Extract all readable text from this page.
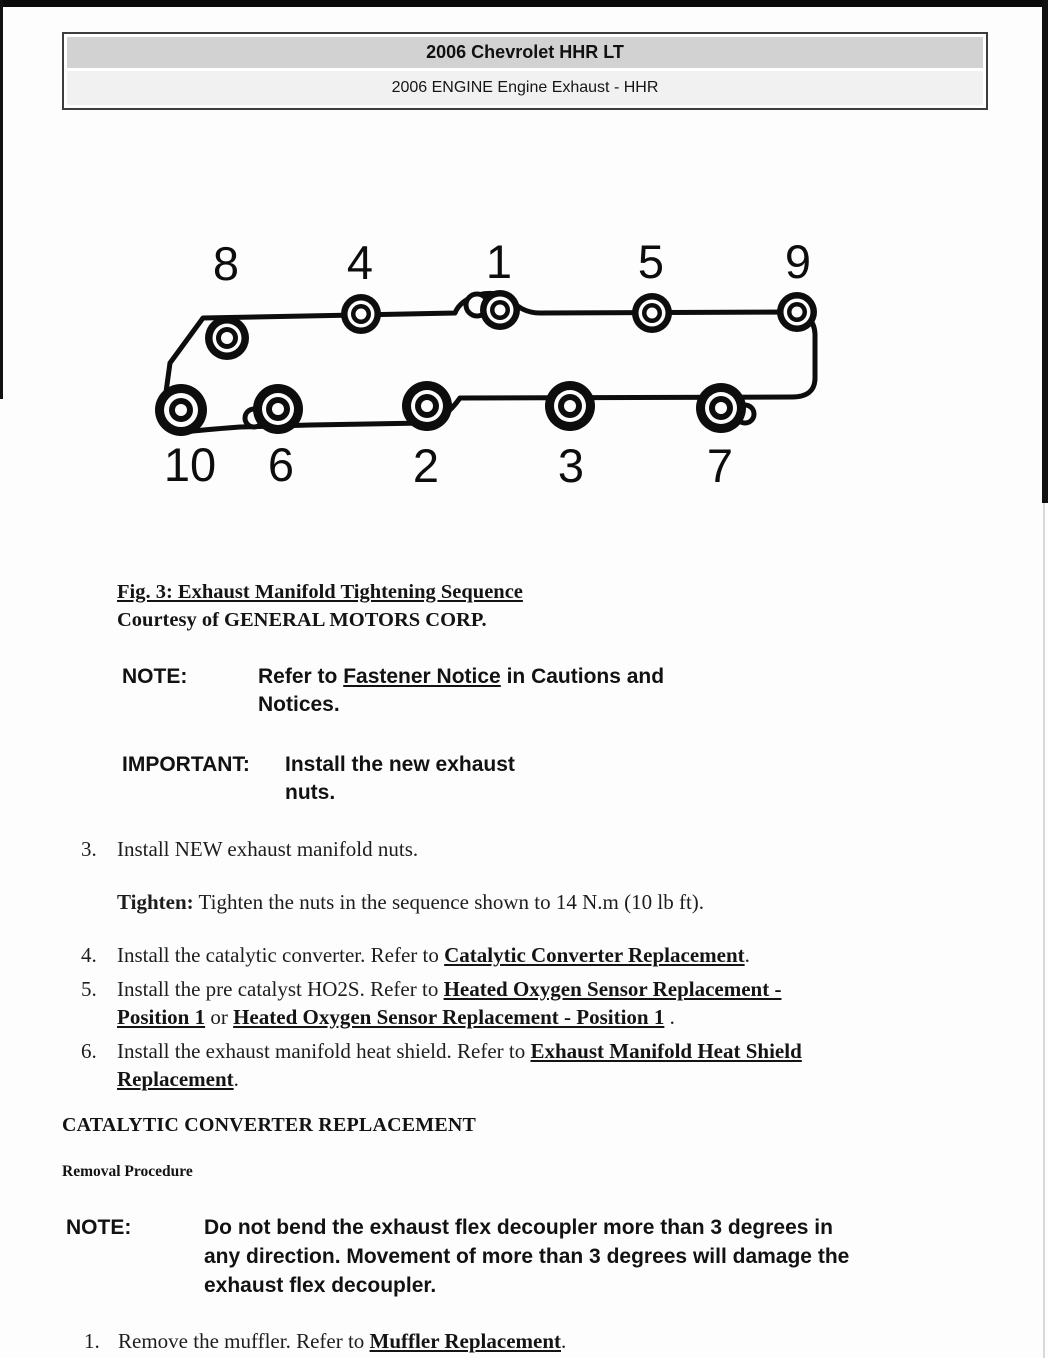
2006 Chevrolet HHR LT
2006 ENGINE Engine Exhaust - HHR
8 4 1	5	9
10 6	2	3	7
Fig. 3: Exhaust Manifold Tightening Sequence
Courtesy of GENERAL MOTORS CORP.
NOTE:	Refer to Fastener Notice in Cautions and
Notices.
IMPORTANT: Install the new exhaust
nuts.
3. Install NEW exhaust manifold nuts.
Tighten: Tighten the nuts in the sequence shown to 14 N.m (10 lb ft).
4. Install the catalytic converter. Refer to Catalytic Converter Replacement.
5. Install the pre catalyst HO2S. Refer to Heated Oxygen Sensor Replacement -
Position 1 or Heated Oxygen Sensor Replacement - Position 1 .
6. Install the exhaust manifold heat shield. Refer to Exhaust Manifold Heat Shield
Replacement.
CATALYTIC CONVERTER REPLACEMENT
Removal Procedure
NOTE:	Do not bend the exhaust flex decoupler more than 3 degrees in
any direction. Movement of more than 3 degrees will damage the
exhaust flex decoupler.
1. Remove the muffler. Refer to Muffler Replacement.
